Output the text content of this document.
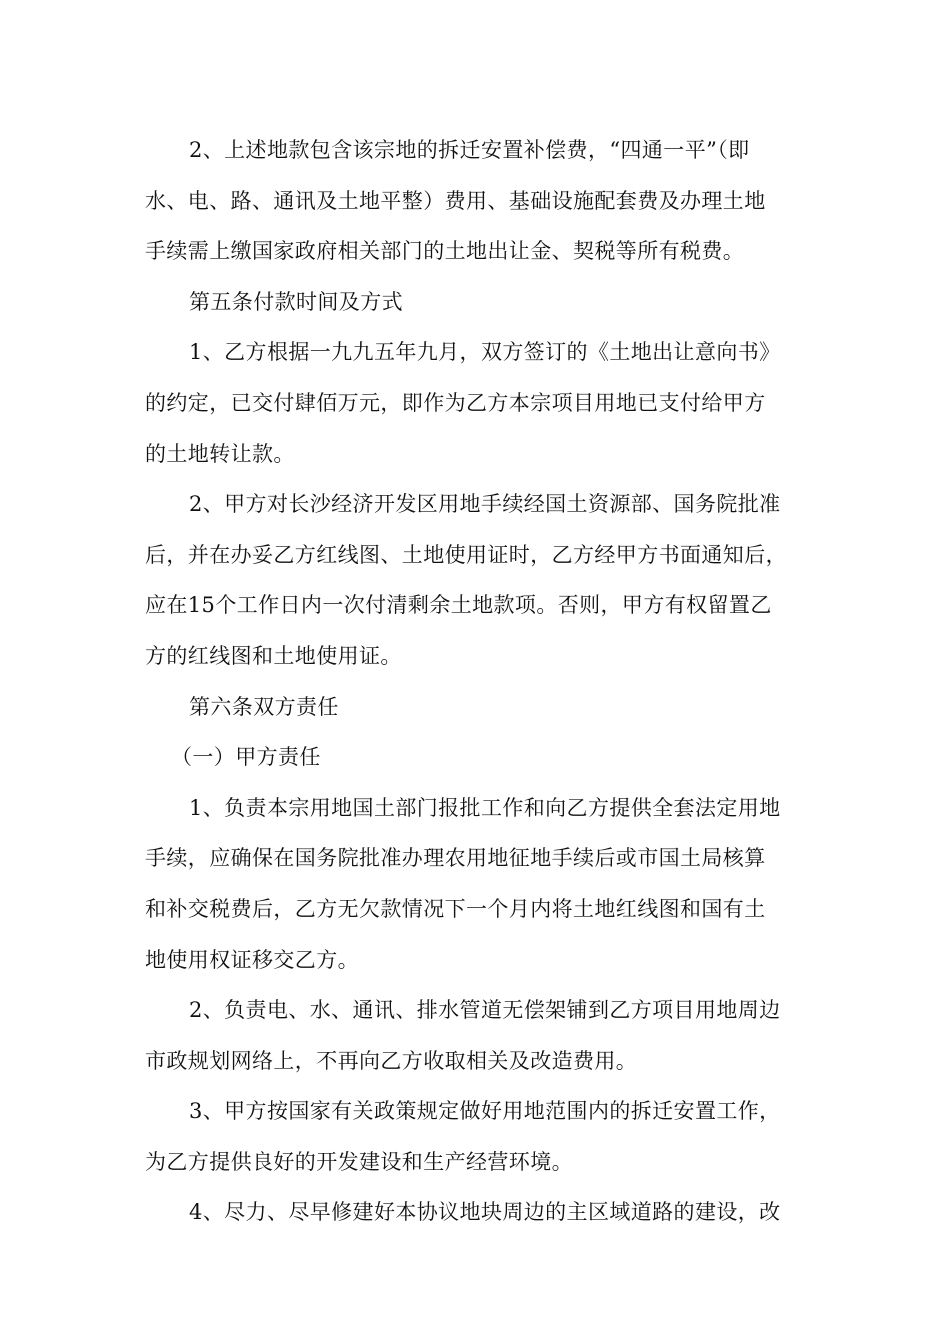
2、上述地款包含该宗地的拆迁安置补偿费，“四通一平”（即
水、电、路、通讯及土地平整）费用、基础设施配套费及办理土地
手续需上缴国家政府相关部门的土地出让金、契税等所有税费。

第五条付款时间及方式

1、乙方根据一九九五年九月，双方签订的《土地出让意向书》
的约定，已交付肆佰万元，即作为乙方本宗项目用地已支付给甲方
的土地转让款。

2、甲方对长沙经济开发区用地手续经国土资源部、国务院批准
后，并在办妥乙方红线图、土地使用证时，乙方经甲方书面通知后，
应在15个工作日内一次付清剩余土地款项。否则，甲方有权留置乙
方的红线图和土地使用证。

第六条双方责任

（一）甲方责任

1、负责本宗用地国土部门报批工作和向乙方提供全套法定用地
手续，应确保在国务院批准办理农用地征地手续后或市国土局核算
和补交税费后，乙方无欠款情况下一个月内将土地红线图和国有土
地使用权证移交乙方。

2、负责电、水、通讯、排水管道无偿架铺到乙方项目用地周边
市政规划网络上，不再向乙方收取相关及改造费用。

3、甲方按国家有关政策规定做好用地范围内的拆迁安置工作，
为乙方提供良好的开发建设和生产经营环境。

4、尽力、尽早修建好本协议地块周边的主区域道路的建设，改
